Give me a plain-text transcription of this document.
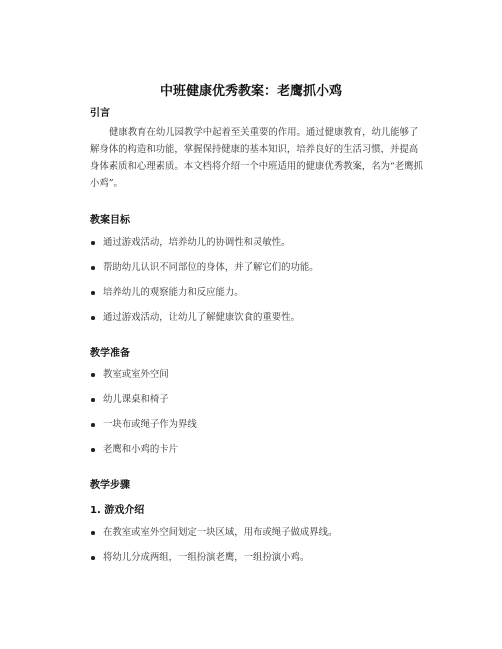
中班健康优秀教案：老鹰抓小鸡
引言
健康教育在幼儿园教学中起着至关重要的作用。通过健康教育，幼儿能够了解身体的构造和功能，掌握保持健康的基本知识，培养良好的生活习惯，并提高身体素质和心理素质。本文档将介绍一个中班适用的健康优秀教案，名为“老鹰抓小鸡”。
教案目标
通过游戏活动，培养幼儿的协调性和灵敏性。
帮助幼儿认识不同部位的身体，并了解它们的功能。
培养幼儿的观察能力和反应能力。
通过游戏活动，让幼儿了解健康饮食的重要性。
教学准备
教室或室外空间
幼儿课桌和椅子
一块布或绳子作为界线
老鹰和小鸡的卡片
教学步骤
1. 游戏介绍
在教室或室外空间划定一块区域，用布或绳子做成界线。
将幼儿分成两组，一组扮演老鹰，一组扮演小鸡。
